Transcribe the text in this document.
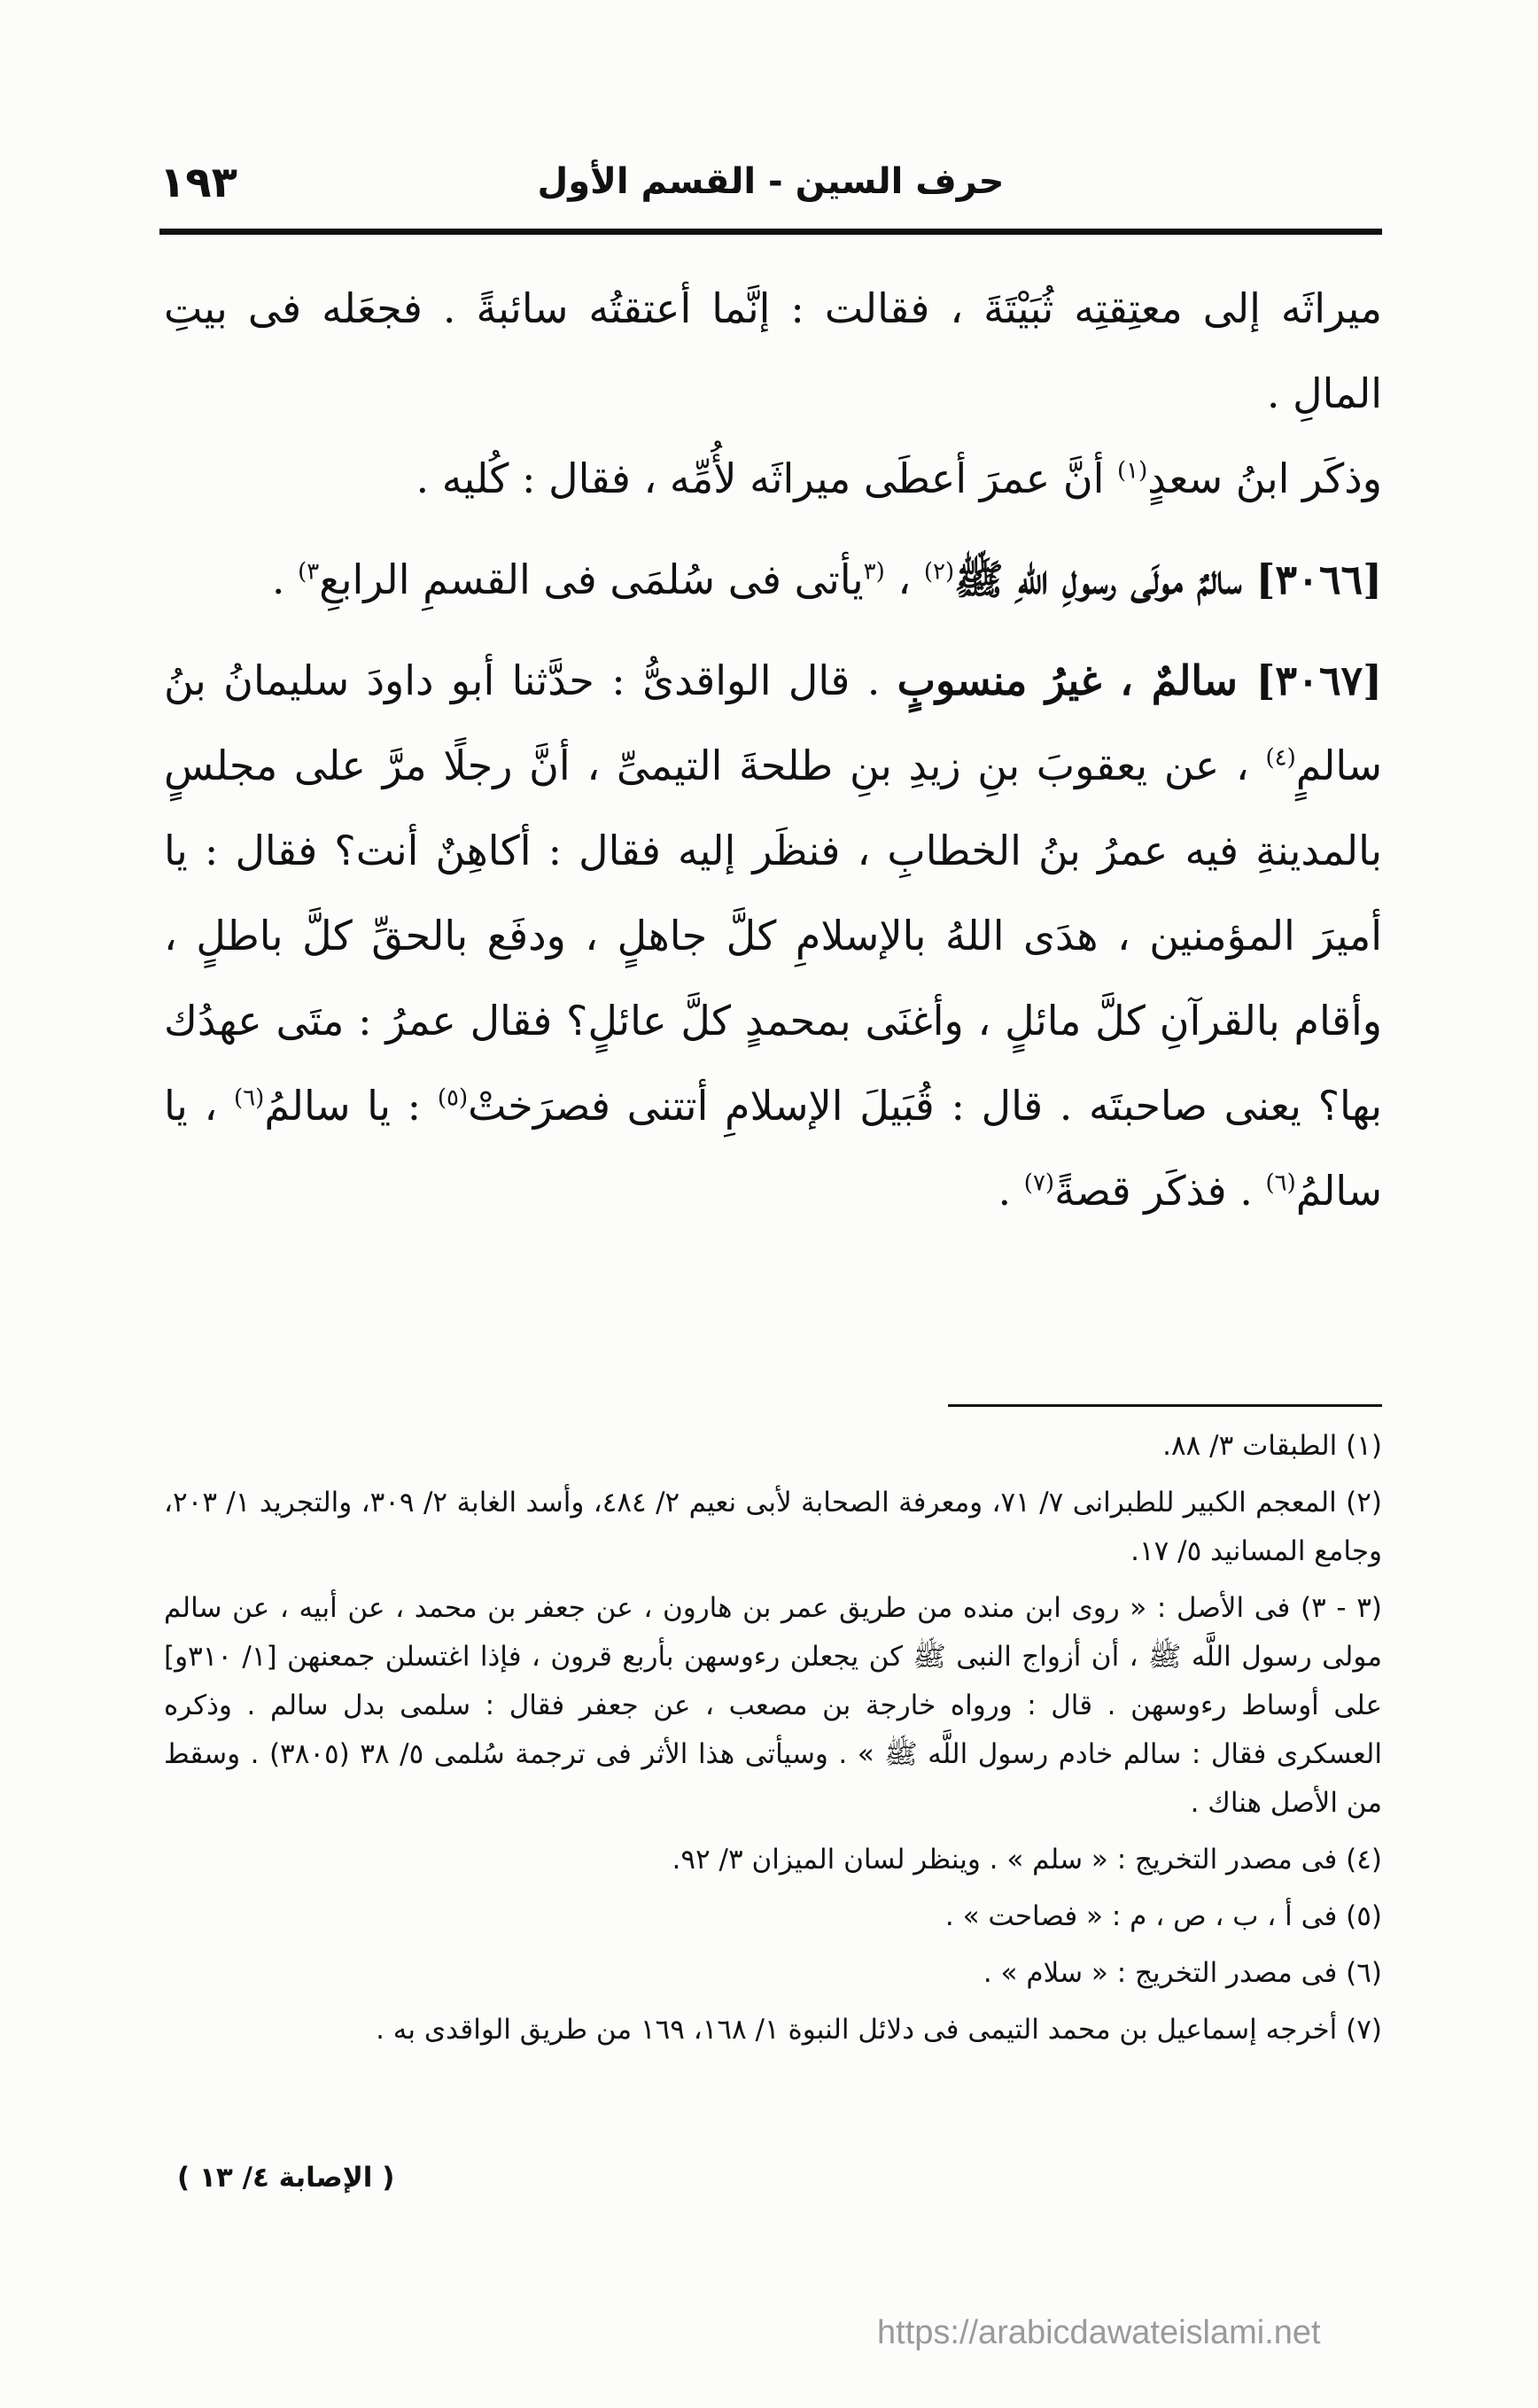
١٩٣	حرف السين - القسم الأول

ميراثَه إلى معتِقتِه ثُبَيْتَةَ ، فقالت : إنَّما أعتقتُه سائبةً . فجعَله فى بيتِ المالِ .

وذكَر ابنُ سعدٍ$^{(١)}$ أنَّ عمرَ أعطَى ميراثَه لأُمِّه ، فقال : كُليه .

[٣٠٦٦] سالمٌ مولَى رسولِ اللهِ ﷺ$^{(٢)}$ ، $^{(٣}$يأتى فى سُلمَى فى القسمِ الرابعِ$^{٣)}$ .

[٣٠٦٧] سالمٌ ، غيرُ منسوبٍ . قال الواقدىُّ : حدَّثنا أبو داودَ سليمانُ بنُ سالمٍ$^{(٤)}$ ، عن يعقوبَ بنِ زيدِ بنِ طلحةَ التيمىِّ ، أنَّ رجلًا مرَّ على مجلسٍ بالمدينةِ فيه عمرُ بنُ الخطابِ ، فنظَر إليه فقال : أكاهِنٌ أنت؟ فقال : يا أميرَ المؤمنين ، هدَى اللهُ بالإسلامِ كلَّ جاهلٍ ، ودفَع بالحقِّ كلَّ باطلٍ ، وأقام بالقرآنِ كلَّ مائلٍ ، وأغنَى بمحمدٍ كلَّ عائلٍ؟ فقال عمرُ : متَى عهدُك بها؟ يعنى صاحبتَه . قال : قُبَيلَ الإسلامِ أتتنى فصرَختْ$^{(٥)}$ : يا سالمُ$^{(٦)}$ ، يا سالمُ$^{(٦)}$ . فذكَر قصةً$^{(٧)}$ .

(١) الطبقات ٣/ ٨٨.

(٢) المعجم الكبير للطبرانى ٧/ ٧١، ومعرفة الصحابة لأبى نعيم ٢/ ٤٨٤، وأسد الغابة ٢/ ٣٠٩، والتجريد ١/ ٢٠٣، وجامع المسانيد ٥/ ١٧.

(٣ - ٣) فى الأصل : « روى ابن منده من طريق عمر بن هارون ، عن جعفر بن محمد ، عن أبيه ، عن سالم مولى رسول اللَّه ﷺ ، أن أزواج النبى ﷺ كن يجعلن رءوسهن بأربع قرون ، فإذا اغتسلن جمعنهن [١/ ٣١٠و] على أوساط رءوسهن . قال : ورواه خارجة بن مصعب ، عن جعفر فقال : سلمى بدل سالم . وذكره العسكرى فقال : سالم خادم رسول اللَّه ﷺ » . وسيأتى هذا الأثر فى ترجمة سُلمى ٥/ ٣٨ (٣٨٠٥) . وسقط من الأصل هناك .

(٤) فى مصدر التخريج : « سلم » . وينظر لسان الميزان ٣/ ٩٢.

(٥) فى أ ، ب ، ص ، م : « فصاحت » .

(٦) فى مصدر التخريج : « سلام » .

(٧) أخرجه إسماعيل بن محمد التيمى فى دلائل النبوة ١/ ١٦٨، ١٦٩ من طريق الواقدى به .

( الإصابة ٤/ ١٣ )
https://arabicdawateislami.net
